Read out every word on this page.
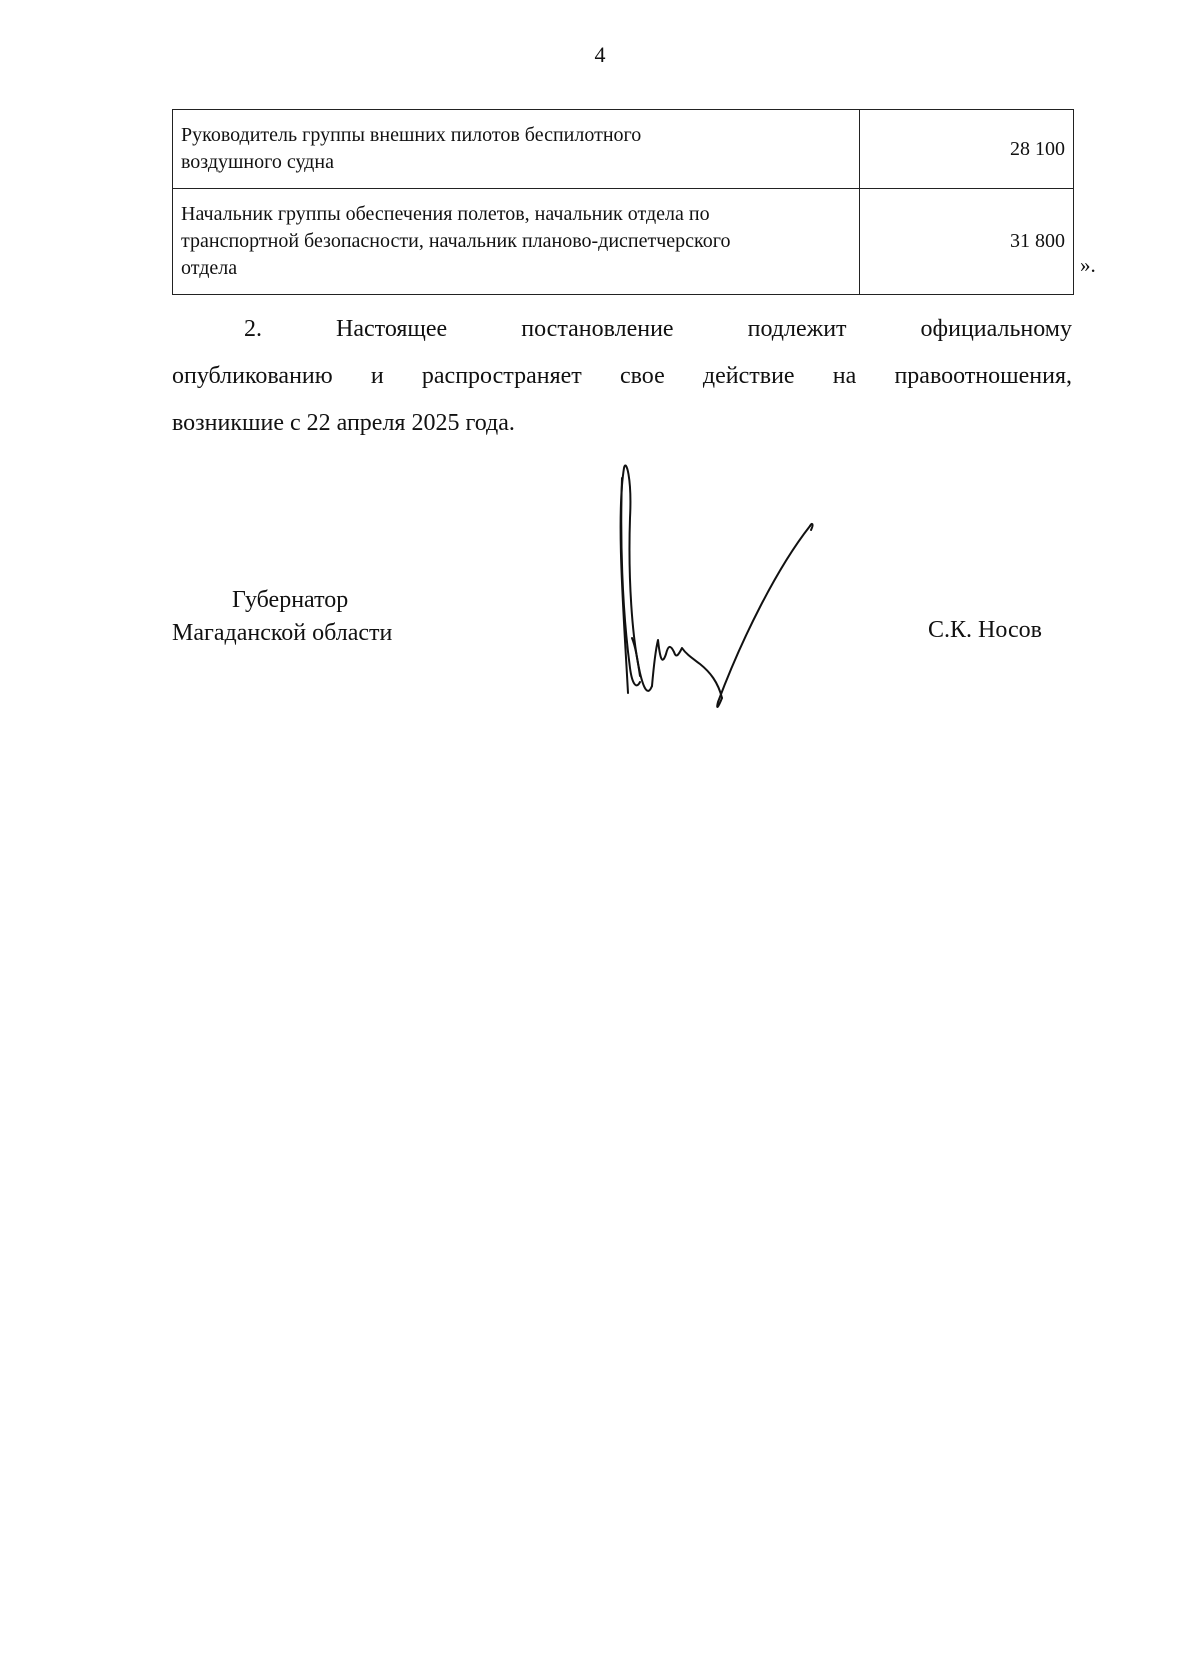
4
Руководитель группы внешних пилотов беспилотного
воздушного судна	28 100

Начальник группы обеспечения полетов, начальник отдела по
транспортной безопасности, начальник планово-диспетчерского
отдела	31 800
».
2. Настоящее постановление подлежит официальному
опубликованию и распространяет свое действие на правоотношения,
возникшие с 22 апреля 2025 года.
Губернатор
Магаданской области	С.К. Носов
